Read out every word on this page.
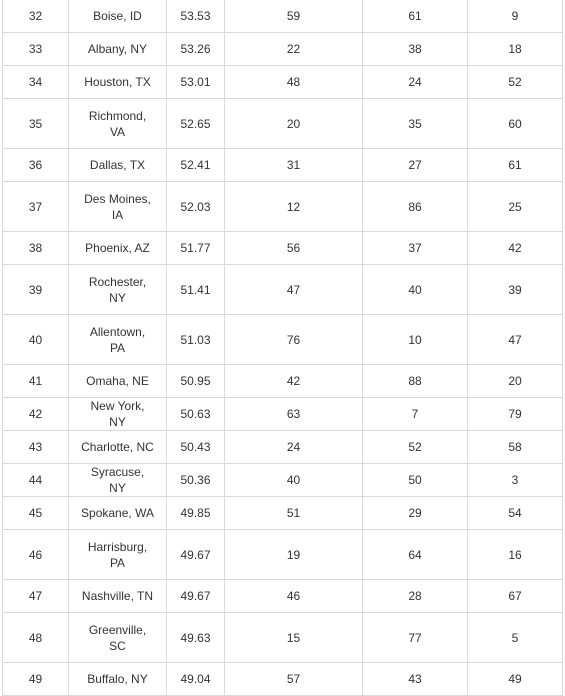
32	Boise, ID	53.53	59	61	9
33	Albany, NY	53.26	22	38	18
34	Houston, TX	53.01	48	24	52
35	Richmond, VA	52.65	20	35	60
36	Dallas, TX	52.41	31	27	61
37	Des Moines, IA	52.03	12	86	25
38	Phoenix, AZ	51.77	56	37	42
39	Rochester, NY	51.41	47	40	39
40	Allentown, PA	51.03	76	10	47
41	Omaha, NE	50.95	42	88	20
42	New York, NY	50.63	63	7	79
43	Charlotte, NC	50.43	24	52	58
44	Syracuse, NY	50.36	40	50	3
45	Spokane, WA	49.85	51	29	54
46	Harrisburg, PA	49.67	19	64	16
47	Nashville, TN	49.67	46	28	67
48	Greenville, SC	49.63	15	77	5
49	Buffalo, NY	49.04	57	43	49
